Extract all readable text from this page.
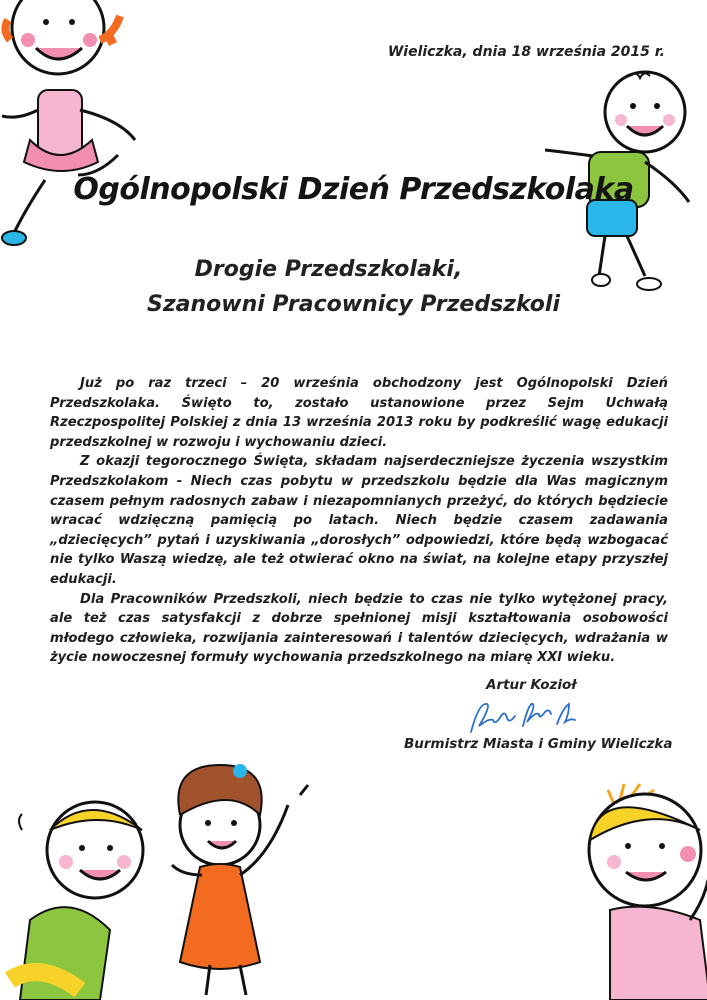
Wieliczka, dnia 18 września 2015 r.
Ogólnopolski Dzień Przedszkolaka
Drogie Przedszkolaki,
Szanowni Pracownicy Przedszkoli

Już po raz trzeci – 20 września obchodzony jest Ogólnopolski Dzień Przedszkolaka. Święto to, zostało ustanowione przez Sejm Uchwałą Rzeczpospolitej Polskiej z dnia 13 września 2013 roku by podkreślić wagę edukacji przedszkolnej w rozwoju i wychowaniu dzieci.

Z okazji tegorocznego Święta, składam najserdeczniejsze życzenia wszystkim Przedszkolakom - Niech czas pobytu w przedszkolu będzie dla Was magicznym czasem pełnym radosnych zabaw i niezapomnianych przeżyć, do których będziecie wracać wdzięczną pamięcią po latach. Niech będzie czasem zadawania „dziecięcych” pytań i uzyskiwania „dorosłych” odpowiedzi, które będą wzbogacać nie tylko Waszą wiedzę, ale też otwierać okno na świat, na kolejne etapy przyszłej edukacji.

Dla Pracowników Przedszkoli, niech będzie to czas nie tylko wytężonej pracy, ale też czas satysfakcji z dobrze spełnionej misji kształtowania osobowości młodego człowieka, rozwijania zainteresowań i talentów dziecięcych, wdrażania w życie nowoczesnej formuły wychowania przedszkolnego na miarę XXI wieku.

Artur Kozioł
Burmistrz Miasta i Gminy Wieliczka
